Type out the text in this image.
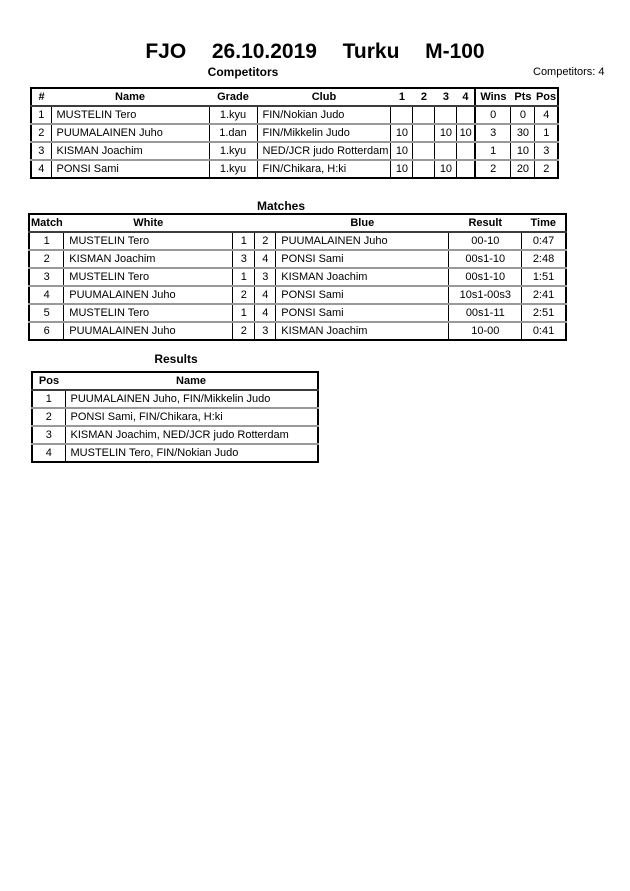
FJO  26.10.2019  Turku  M-100
Competitors	Competitors: 4
#	Name	Grade	Club	1	2	3	4	Wins	Pts	Pos
1	MUSTELIN Tero	1.kyu	FIN/Nokian Judo					0	0	4
2	PUUMALAINEN Juho	1.dan	FIN/Mikkelin Judo	10		10	10	3	30	1
3	KISMAN Joachim	1.kyu	NED/JCR judo Rotterdam	10				1	10	3
4	PONSI Sami	1.kyu	FIN/Chikara, H:ki	10		10		2	20	2
Matches
Match	White			Blue	Result	Time
1	MUSTELIN Tero	1	2	PUUMALAINEN Juho	00-10	0:47
2	KISMAN Joachim	3	4	PONSI Sami	00s1-10	2:48
3	MUSTELIN Tero	1	3	KISMAN Joachim	00s1-10	1:51
4	PUUMALAINEN Juho	2	4	PONSI Sami	10s1-00s3	2:41
5	MUSTELIN Tero	1	4	PONSI Sami	00s1-11	2:51
6	PUUMALAINEN Juho	2	3	KISMAN Joachim	10-00	0:41
Results
Pos	Name
1	PUUMALAINEN Juho, FIN/Mikkelin Judo
2	PONSI Sami, FIN/Chikara, H:ki
3	KISMAN Joachim, NED/JCR judo Rotterdam
4	MUSTELIN Tero, FIN/Nokian Judo
